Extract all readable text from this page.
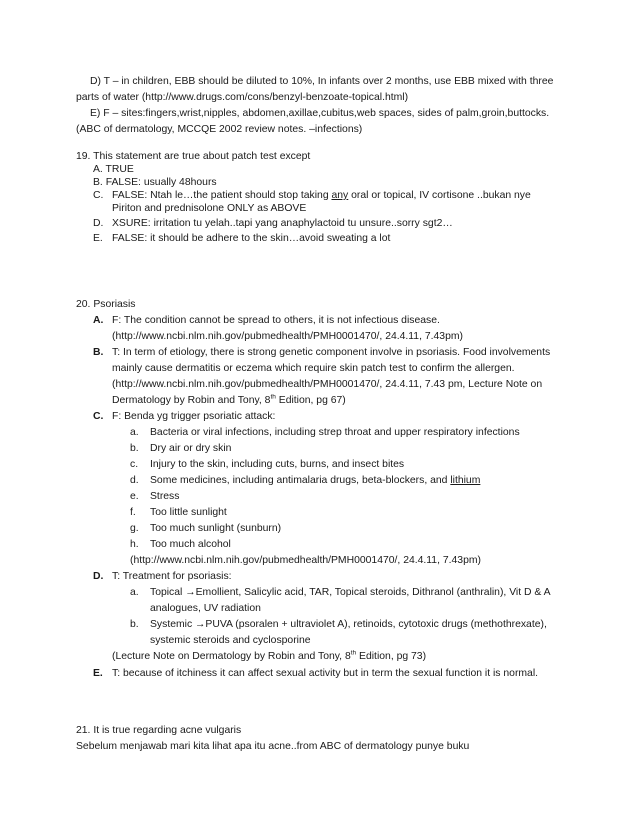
D) T – in children, EBB should be diluted to 10%, In infants over 2 months, use EBB mixed with three
parts of water (http://www.drugs.com/cons/benzyl-benzoate-topical.html)
E) F – sites:fingers,wrist,nipples, abdomen,axillae,cubitus,web spaces, sides of palm,groin,buttocks.
(ABC of dermatology, MCCQE 2002 review notes. –infections)
19. This statement are true about patch test except
A. TRUE
B. FALSE: usually 48hours
C. FALSE: Ntah le…the patient should stop taking any oral or topical, IV cortisone ..bukan nye
Piriton and prednisolone ONLY as ABOVE
D. XSURE: irritation tu yelah..tapi yang anaphylactoid tu unsure..sorry sgt2…
E. FALSE: it should be adhere to the skin…avoid sweating a lot
20. Psoriasis
A. F: The condition cannot be spread to others, it is not infectious disease.
(http://www.ncbi.nlm.nih.gov/pubmedhealth/PMH0001470/, 24.4.11, 7.43pm)
B. T: In term of etiology, there is strong genetic component involve in psoriasis. Food involvements
mainly cause dermatitis or eczema which require skin patch test to confirm the allergen.
(http://www.ncbi.nlm.nih.gov/pubmedhealth/PMH0001470/, 24.4.11, 7.43 pm, Lecture Note on
Dermatology by Robin and Tony, 8th Edition, pg 67)
C. F: Benda yg trigger psoriatic attack:
a. Bacteria or viral infections, including strep throat and upper respiratory infections
b. Dry air or dry skin
c. Injury to the skin, including cuts, burns, and insect bites
d. Some medicines, including antimalaria drugs, beta-blockers, and lithium
e. Stress
f. Too little sunlight
g. Too much sunlight (sunburn)
h. Too much alcohol
(http://www.ncbi.nlm.nih.gov/pubmedhealth/PMH0001470/, 24.4.11, 7.43pm)
D. T: Treatment for psoriasis:
a. Topical →Emollient, Salicylic acid, TAR, Topical steroids, Dithranol (anthralin), Vit D & A
analogues, UV radiation
b. Systemic →PUVA (psoralen + ultraviolet A), retinoids, cytotoxic drugs (methothrexate),
systemic steroids and cyclosporine
(Lecture Note on Dermatology by Robin and Tony, 8th Edition, pg 73)
E. T: because of itchiness it can affect sexual activity but in term the sexual function it is normal.
21. It is true regarding acne vulgaris
Sebelum menjawab mari kita lihat apa itu acne..from ABC of dermatology punye buku
